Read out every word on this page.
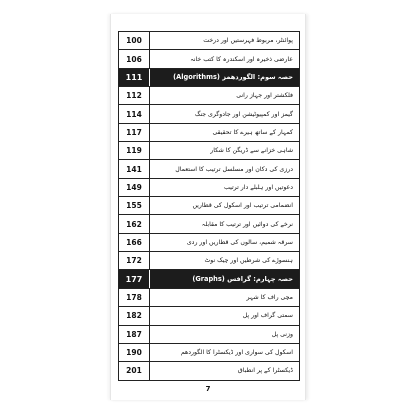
100	پوائنٹر، مربوط فہرستیں اور درخت
106	عارضی ذخیرہ اور اسکندرہ کا کتب خانہ
111	حصہ سوم: الگوردھمز (Algorithms)
112	فلکشتر اور جہاز رانی
114	گیمز اور کمپیوٹیشن اور جادوگری جنگ
117	کمہار کے ساتھ ہیرے کا تحقیقی
119	شاہی خزانے سے ڈریگن کا شکار
141	درزی کی دکان اور مسلسل ترتیب کا استعمال
149	دعوتیں اور ہلبلے دار ترتیب
155	انضمامی ترتیب اور اسکول کی قطاریں
162	نرخے کی دوائیں اور ترتیب کا مقابلہ
166	سرقہ شمیم، سالوں کی قطاریں اور ردی
172	ہنسوڑے کی شرطیں اور چیک نوٹ
177	حصہ چہارم: گرافس (Graphs)
178	مچی راف کا شہر
182	سمتی گراف اور پل
187	وزنی پل
190	اسکول کی سواری اور ڈیکسٹرا کا الگوردھم
201	ڈیکسٹرا کے پر انطباق
7
